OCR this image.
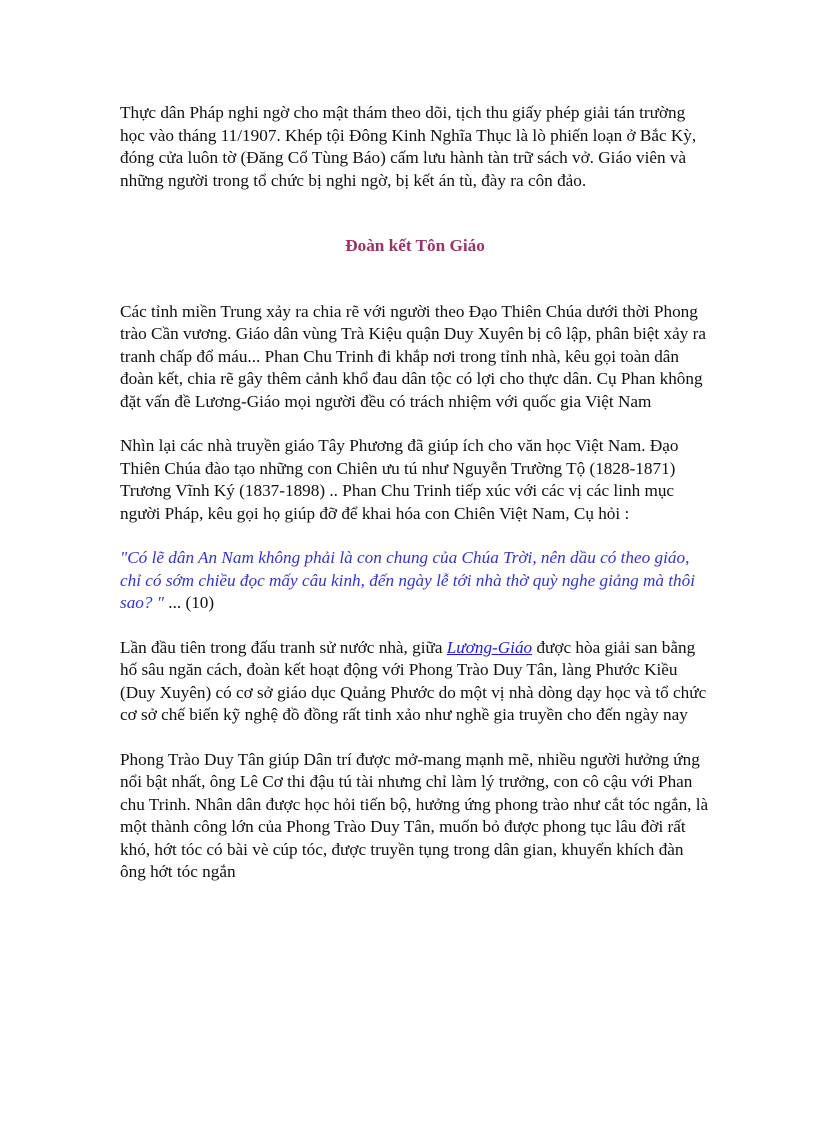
Thực dân Pháp nghi ngờ cho mật thám theo dõi, tịch thu giấy phép giải tán trường học vào tháng 11/1907. Khép tội Đông Kinh Nghĩa Thục là lò phiến loạn ở Bắc Kỳ, đóng cửa luôn tờ (Đăng Cổ Tùng Báo) cấm lưu hành tàn trữ sách vở. Giáo viên và những người trong tổ chức bị nghi ngờ, bị kết án tù, đày ra côn đảo.

Đoàn kết Tôn Giáo

Các tỉnh miền Trung xảy ra chia rẽ với người theo Đạo Thiên Chúa dưới thời Phong trào Cần vương. Giáo dân vùng Trà Kiệu quận Duy Xuyên bị cô lập, phân biệt xảy ra tranh chấp đổ máu... Phan Chu Trinh đi khắp nơi trong tỉnh nhà, kêu gọi toàn dân đoàn kết, chia rẽ gây thêm cảnh khổ đau dân tộc có lợi cho thực dân. Cụ Phan không đặt vấn đề Lương-Giáo mọi người đều có trách nhiệm với quốc gia Việt Nam

Nhìn lại các nhà truyền giáo Tây Phương đã giúp ích cho văn học Việt Nam. Đạo Thiên Chúa đào tạo những con Chiên ưu tú như Nguyễn Trường Tộ (1828-1871) Trương Vĩnh Ký (1837-1898) .. Phan Chu Trinh tiếp xúc với các vị các linh mục người Pháp, kêu gọi họ giúp đỡ để khai hóa con Chiên Việt Nam, Cụ hỏi :

"Có lẽ dân An Nam không phải là con chung của Chúa Trời, nên dầu có theo giáo, chỉ có sớm chiều đọc mấy câu kinh, đến ngày lễ tới nhà thờ quỳ nghe giảng mà thôi sao? " ... (10)

Lần đầu tiên trong đấu tranh sử nước nhà, giữa Lương-Giáo được hòa giải san bằng hố sâu ngăn cách, đoàn kết hoạt động với Phong Trào Duy Tân, làng Phước Kiều (Duy Xuyên) có cơ sở giáo dục Quảng Phước do một vị nhà dòng dạy học và tổ chức cơ sở chế biến kỹ nghệ đồ đồng rất tinh xảo như nghề gia truyền cho đến ngày nay

Phong Trào Duy Tân giúp Dân trí được mở-mang mạnh mẽ, nhiều người hưởng ứng nổi bật nhất, ông Lê Cơ thi đậu tú tài nhưng chỉ làm lý trưởng, con cô cậu với Phan chu Trinh. Nhân dân được học hỏi tiến bộ, hưởng ứng phong trào như cắt tóc ngắn, là một thành công lớn của Phong Trào Duy Tân, muốn bỏ được phong tục lâu đời rất khó, hớt tóc có bài vè cúp tóc, được truyền tụng trong dân gian, khuyến khích đàn ông hớt tóc ngắn
